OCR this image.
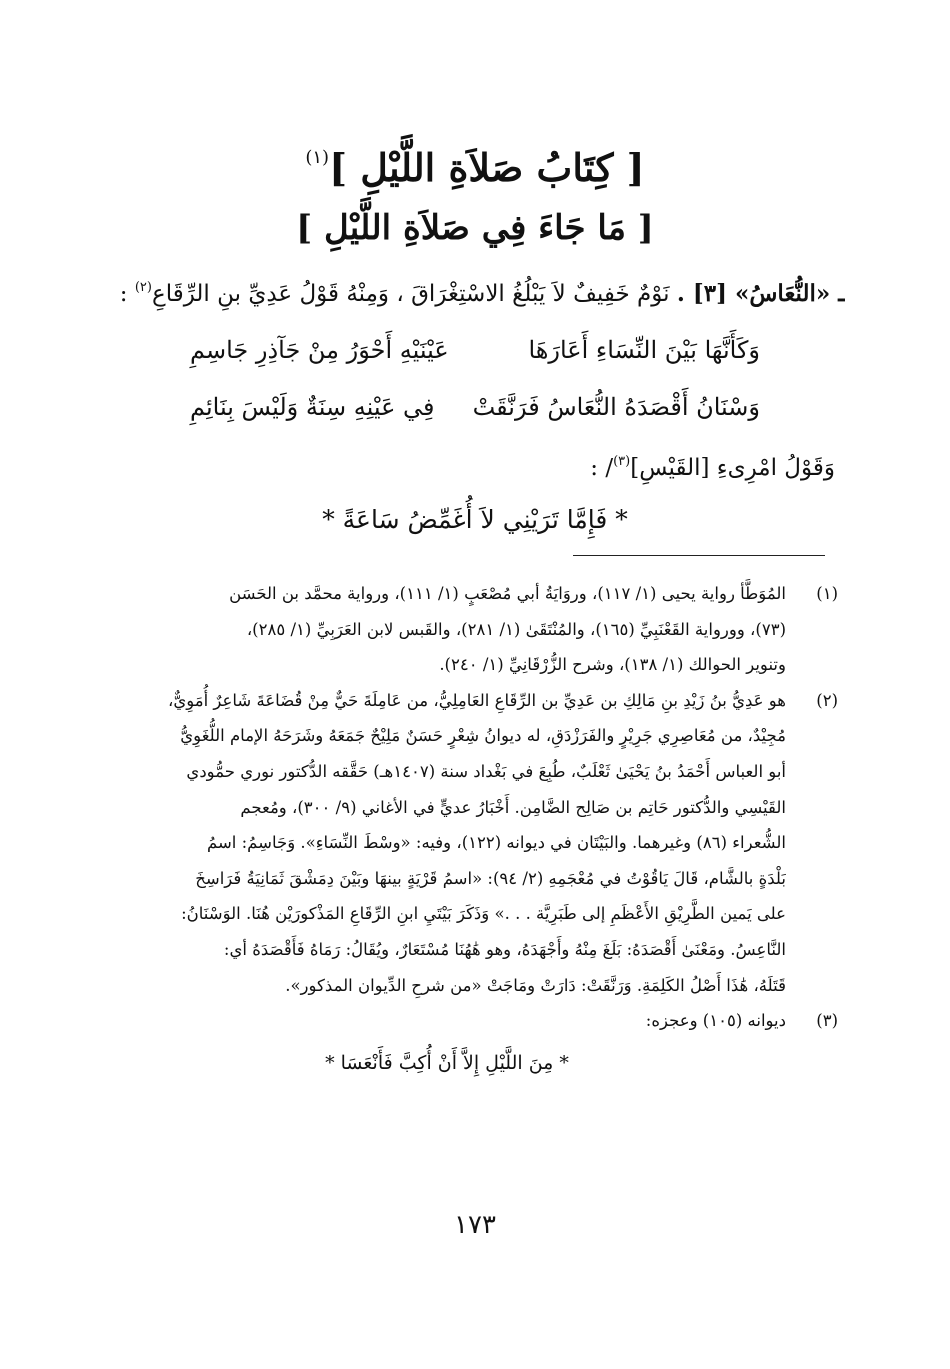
[ كِتَابُ صَلاَةِ اللَّيْلِ ]$^{(١)}$
[ مَا جَاءَ فِي صَلاَةِ اللَّيْلِ ]
ـ «النُّعَاسُ» [٣] . نَوْمٌ خَفِيفٌ لاَ يَبْلُغُ الاسْتِغْرَاقَ ، وَمِنْهُ قَوْلُ عَدِيِّ بنِ الرِّقَاعِ$^{(٢)}$ :
وَكَأَنَّهَا بَيْنَ النِّسَاءِ أَعَارَهَا
عَيْنَيْهِ أَحْوَرُ مِنْ جَآذِرِ جَاسِمِ
وَسْنَانُ أَقْصَدَهُ النُّعَاسُ فَرَنَّقَتْ
فِي عَيْنِهِ سِنَةٌ وَلَيْسَ بِنَائِمِ
وَقَوْلُ امْرِىءِ [القَيْسِ]$^{(٣)}$/ :
* فَإِمَّا تَرَيْنِي لاَ أُغَمِّضُ سَاعَةً *
(١)
المُوَطَّأ رواية يحيى (١/ ١١٧)، وروَايَةُ أبي مُصْعَبٍ (١/ ١١١)، ورواية محمَّد بن الحَسَن
(٧٣)، وورواية القَعْنَبِيِّ (١٦٥)، والمُنْتَقَىٰ (١/ ٢٨١)، والقَبس لابن العَرَبِيِّ (١/ ٢٨٥)،
وتنوير الحوالك (١/ ١٣٨)، وشرح الزُّرْقَانِيِّ (١/ ٢٤٠).
(٢)
هو عَدِيُّ بنُ زَيْدِ بنِ مَالِكِ بن عَدِيِّ بن الرِّقَاعِ العَامِلِيُّ، من عَامِلَةَ حَيٌّ مِنْ قُضَاعَةَ شَاعِرٌ أُمَوِيٌّ،
مُجِيْدٌ، من مُعَاصِرِي جَرِيْرٍ والفَرَزْدَقِ، له ديوانُ شِعْرٍ حَسَنٌ مَلِيْحٌ جَمَعَهُ وشَرَحَهُ الإمام اللُّغَوِيُّ
أبو العباس أَحْمَدُ بنُ يَحْيَىٰ ثَعْلَبٌ، طُبِعَ في بَغْداد سنة (١٤٠٧هـ) حَقَّقه الدُّكتور نوري حمُّودي
القَيْسِي والدُّكتور حَاتِم بن صَالِح الضَّامِن. أَخْبَارُ عديٍّ في الأغاني (٩/ ٣٠٠)، ومُعجم
الشُّعراء (٨٦) وغيرهما. والبَيْتَان في ديوانه (١٢٢)، وفيه: «وسْطَ النِّسَاءِ». وَجَاسِمُ: اسمُ
بَلْدَةٍ بالشَّام، قَالَ يَاقُوْتُ في مُعْجَمِهِ (٢/ ٩٤): «اسمُ قَرْيَةٍ بينهَا وبَيْنَ دِمَشْقَ ثَمَانِيَةُ فَرَاسِخَ
على يَمين الطَّرِيْقِ الأَعْظَمِ إلى طَبَرِيَّة . . .» وَذَكَرَ بَيْتَيِ ابنِ الرِّقَاعِ المَذْكورَيْن هُنَا. الوَسْنَانُ:
النَّاعِسُ. ومَعْنَىٰ أَقْصَدَهُ: بَلَغَ مِنْهُ وأَجْهَدَهُ، وهو هَٰهُنَا مُسْتَعَارٌ، ويُقَالُ: رَمَاهُ فَأَقْصَدَهُ أي:
قَتَلَهُ، هَٰذَا أَصْلُ الكَلِمَةِ. وَرَنَّقَتْ: دَارَتْ ومَاجَتْ «من شرحِ الدِّيوان المذكور».
(٣)
ديوانه (١٠٥) وعجزه:
* مِنَ اللَّيْلِ إِلاَّ أَنْ أُكِبَّ فَأَنْعَسَا *
١٧٣
